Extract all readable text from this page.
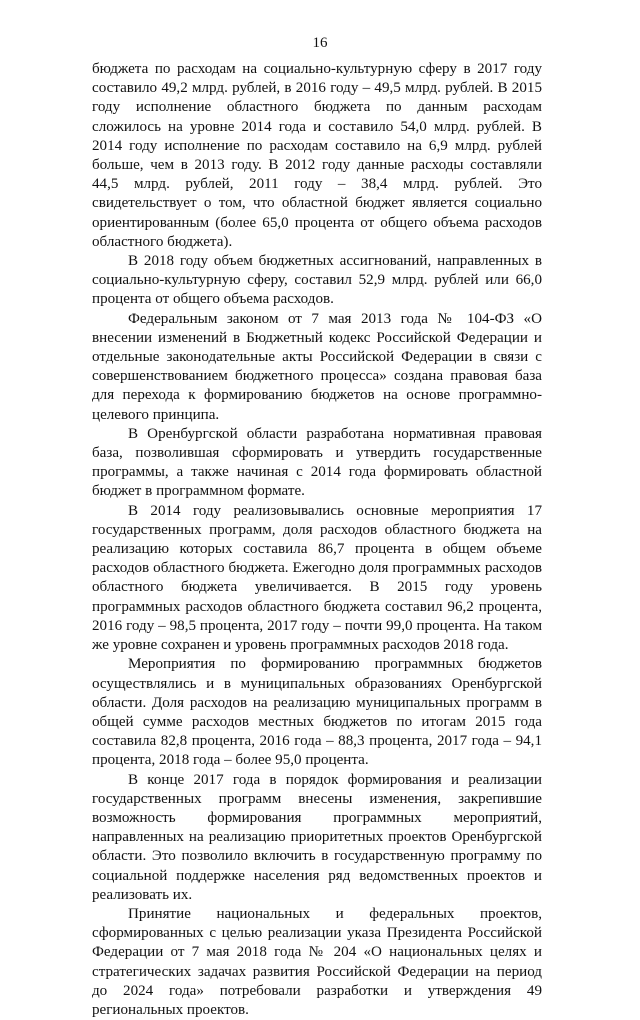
16

бюджета по расходам на социально-культурную сферу в 2017 году составило 49,2 млрд. рублей, в 2016 году – 49,5 млрд. рублей. В 2015 году исполнение областного бюджета по данным расходам сложилось на уровне 2014 года и составило 54,0 млрд. рублей. В 2014 году исполнение по расходам составило на 6,9 млрд. рублей больше, чем в 2013 году. В 2012 году данные расходы составляли 44,5 млрд. рублей, 2011 году – 38,4 млрд. рублей. Это свидетельствует о том, что областной бюджет является социально ориентированным (более 65,0 процента от общего объема расходов областного бюджета).

В 2018 году объем бюджетных ассигнований, направленных в социально-культурную сферу, составил 52,9 млрд. рублей или 66,0 процента от общего объема расходов.

Федеральным законом от 7 мая 2013 года № 104-ФЗ «О внесении изменений в Бюджетный кодекс Российской Федерации и отдельные законодательные акты Российской Федерации в связи с совершенствованием бюджетного процесса» создана правовая база для перехода к формированию бюджетов на основе программно-целевого принципа.

В Оренбургской области разработана нормативная правовая база, позволившая сформировать и утвердить государственные программы, а также начиная с 2014 года формировать областной бюджет в программном формате.

В 2014 году реализовывались основные мероприятия 17 государственных программ, доля расходов областного бюджета на реализацию которых составила 86,7 процента в общем объеме расходов областного бюджета. Ежегодно доля программных расходов областного бюджета увеличивается. В 2015 году уровень программных расходов областного бюджета составил 96,2 процента, 2016 году – 98,5 процента, 2017 году – почти 99,0 процента. На таком же уровне сохранен и уровень программных расходов 2018 года.

Мероприятия по формированию программных бюджетов осуществлялись и в муниципальных образованиях Оренбургской области. Доля расходов на реализацию муниципальных программ в общей сумме расходов местных бюджетов по итогам 2015 года составила 82,8 процента, 2016 года – 88,3 процента, 2017 года – 94,1 процента, 2018 года – более 95,0 процента.

В конце 2017 года в порядок формирования и реализации государственных программ внесены изменения, закрепившие возможность формирования программных мероприятий, направленных на реализацию приоритетных проектов Оренбургской области. Это позволило включить в государственную программу по социальной поддержке населения ряд ведомственных проектов и реализовать их.

Принятие национальных и федеральных проектов, сформированных с целью реализации указа Президента Российской Федерации от 7 мая 2018 года № 204 «О национальных целях и стратегических задачах развития Российской Федерации на период до 2024 года» потребовали разработки и утверждения 49 региональных проектов.
